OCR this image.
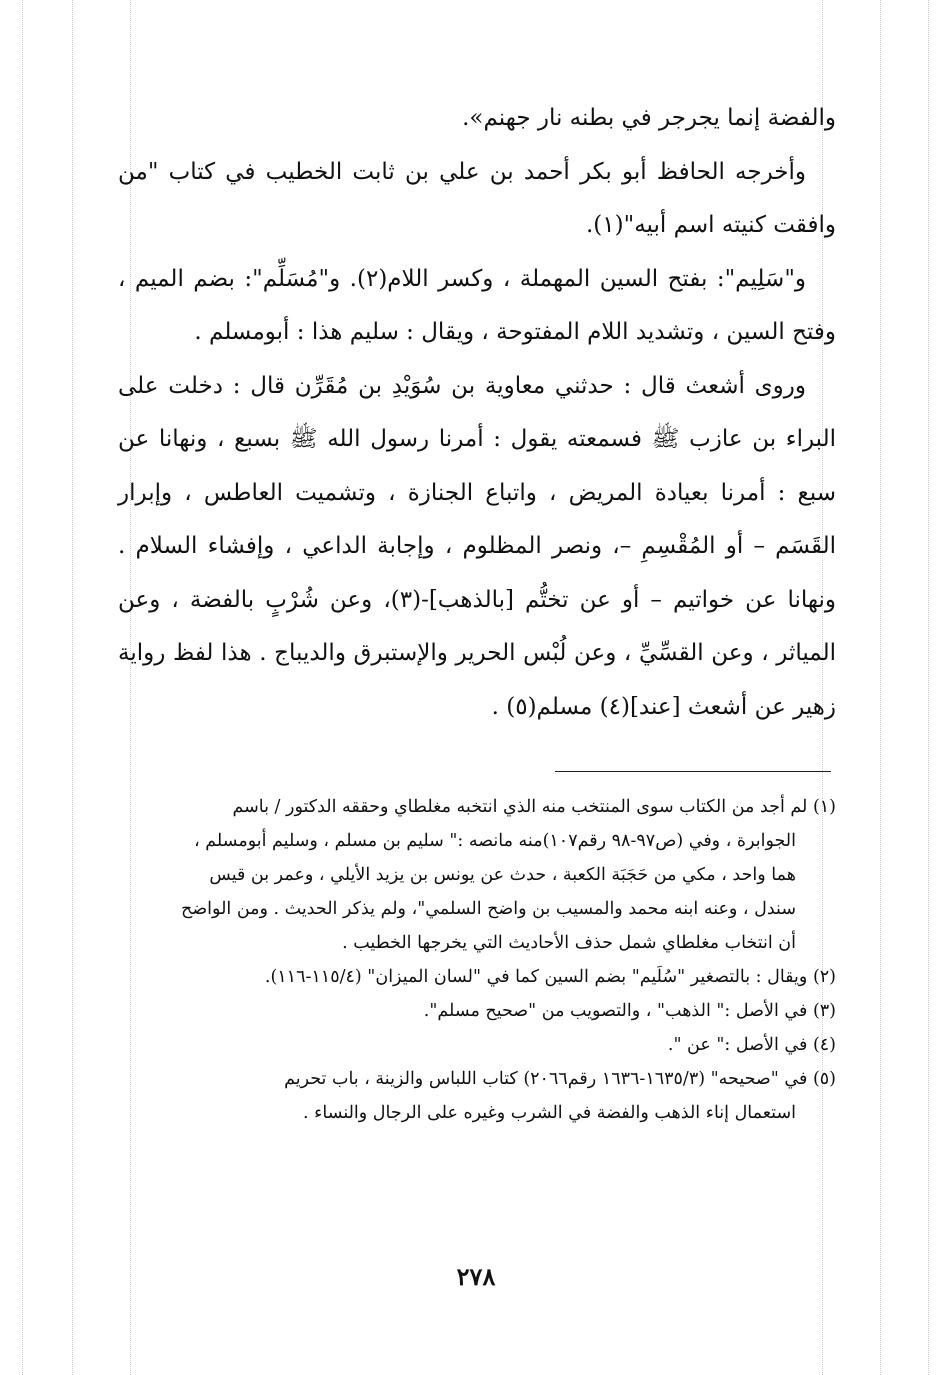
والفضة إنما يجرجر في بطنه نار جهنم».

وأخرجه الحافظ أبو بكر أحمد بن علي بن ثابت الخطيب في كتاب "من وافقت كنيته اسم أبيه"(١).

و"سَلِيم": بفتح السين المهملة ، وكسر اللام(٢). و"مُسَلِّم": بضم الميم ، وفتح السين ، وتشديد اللام المفتوحة ، ويقال : سليم هذا : أبومسلم .

وروى أشعث قال : حدثني معاوية بن سُوَيْدِ بن مُقَرِّن قال : دخلت على البراء بن عازب ﷺ فسمعته يقول : أمرنا رسول الله ﷺ بسبع ، ونهانا عن سبع : أمرنا بعيادة المريض ، واتباع الجنازة ، وتشميت العاطس ، وإبرار القَسَم – أو المُقْسِمِ –، ونصر المظلوم ، وإجابة الداعي ، وإفشاء السلام . ونهانا عن خواتيم – أو عن تختُّم [بالذهب]-(٣)، وعن شُرْبٍ بالفضة ، وعن المياثر ، وعن القسِّيِّ ، وعن لُبْس الحرير والإستبرق والديباج . هذا لفظ رواية زهير عن أشعث [عند](٤) مسلم(٥) .

(١) لم أجد من الكتاب سوى المنتخب منه الذي انتخبه مغلطاي وحققه الدكتور / باسم
الجوابرة ، وفي (ص٩٧-٩٨ رقم١٠٧)منه مانصه :" سليم بن مسلم ، وسليم أبومسلم ،
هما واحد ، مكي من حَجَبَة الكعبة ، حدث عن يونس بن يزيد الأيلي ، وعمر بن قيس
سندل ، وعنه ابنه محمد والمسيب بن واضح السلمي"، ولم يذكر الحديث . ومن الواضح
أن انتخاب مغلطاي شمل حذف الأحاديث التي يخرجها الخطيب .
(٢) ويقال : بالتصغير "سُلَيم" بضم السين كما في "لسان الميزان" (١١٥/٤-١١٦).
(٣) في الأصل :" الذهب" ، والتصويب من "صحيح مسلم".
(٤) في الأصل :" عن ".
(٥) في "صحيحه" (١٦٣٥/٣-١٦٣٦ رقم٢٠٦٦) كتاب اللباس والزينة ، باب تحريم
استعمال إناء الذهب والفضة في الشرب وغيره على الرجال والنساء .
٢٧٨
